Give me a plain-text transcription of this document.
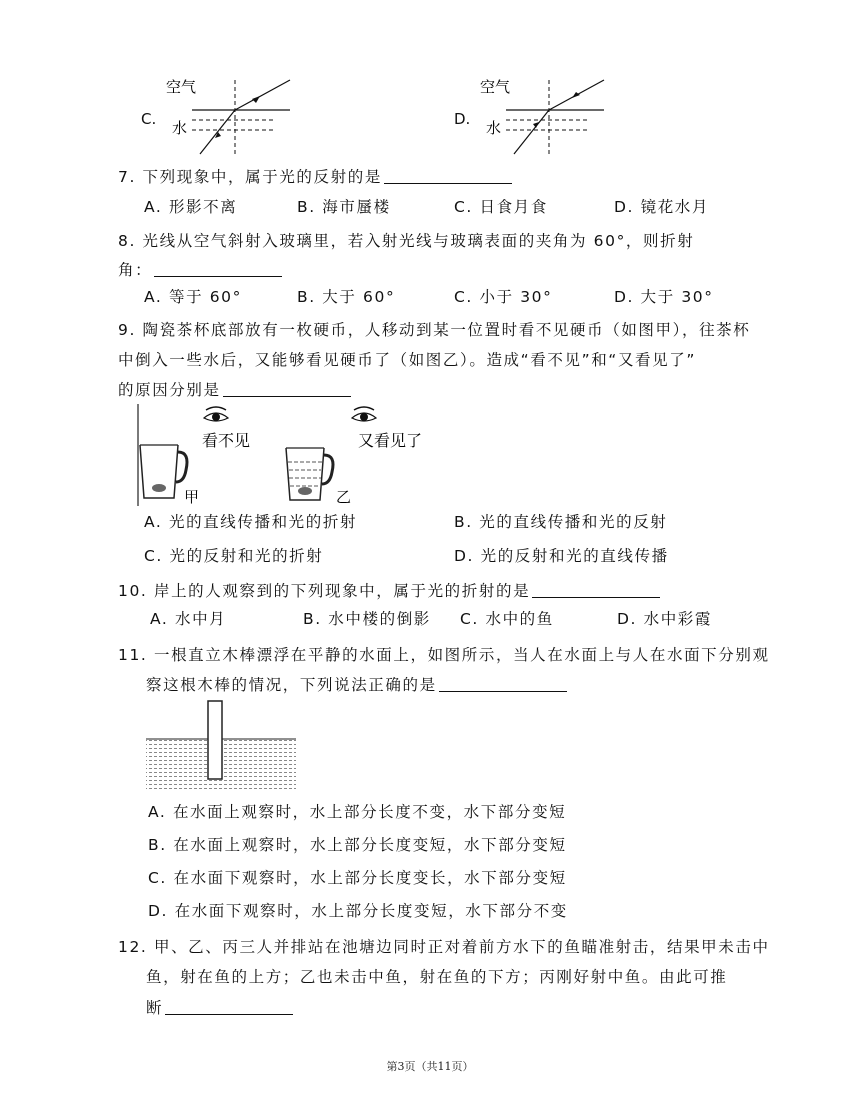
C.
空气
水	D.
空气
水
7. 下列现象中，属于光的反射的是
A. 形影不离	B. 海市蜃楼	C. 日食月食	D. 镜花水月
8. 光线从空气斜射入玻璃里，若入射光线与玻璃表面的夹角为 60°，则折射
角：
A. 等于 60°	B. 大于 60°	C. 小于 30°	D. 大于 30°
9. 陶瓷茶杯底部放有一枚硬币，人移动到某一位置时看不见硬币（如图甲），往茶杯
中倒入一些水后，又能够看见硬币了（如图乙）。造成“看不见”和“又看见了”
的原因分别是
看不见
甲
又看见了
乙
A. 光的直线传播和光的折射	B. 光的直线传播和光的反射
C. 光的反射和光的折射	D. 光的反射和光的直线传播
10. 岸上的人观察到的下列现象中，属于光的折射的是
A. 水中月	B. 水中楼的倒影 C. 水中的鱼	D. 水中彩霞
11. 一根直立木棒漂浮在平静的水面上，如图所示，当人在水面上与人在水面下分别观
察这根木棒的情况，下列说法正确的是
A. 在水面上观察时，水上部分长度不变，水下部分变短
B. 在水面上观察时，水上部分长度变短，水下部分变短
C. 在水面下观察时，水上部分长度变长，水下部分变短
D. 在水面下观察时，水上部分长度变短，水下部分不变
12. 甲、乙、丙三人并排站在池塘边同时正对着前方水下的鱼瞄准射击，结果甲未击中
鱼，射在鱼的上方；乙也未击中鱼，射在鱼的下方；丙刚好射中鱼。由此可推
断
第3页（共11页）
